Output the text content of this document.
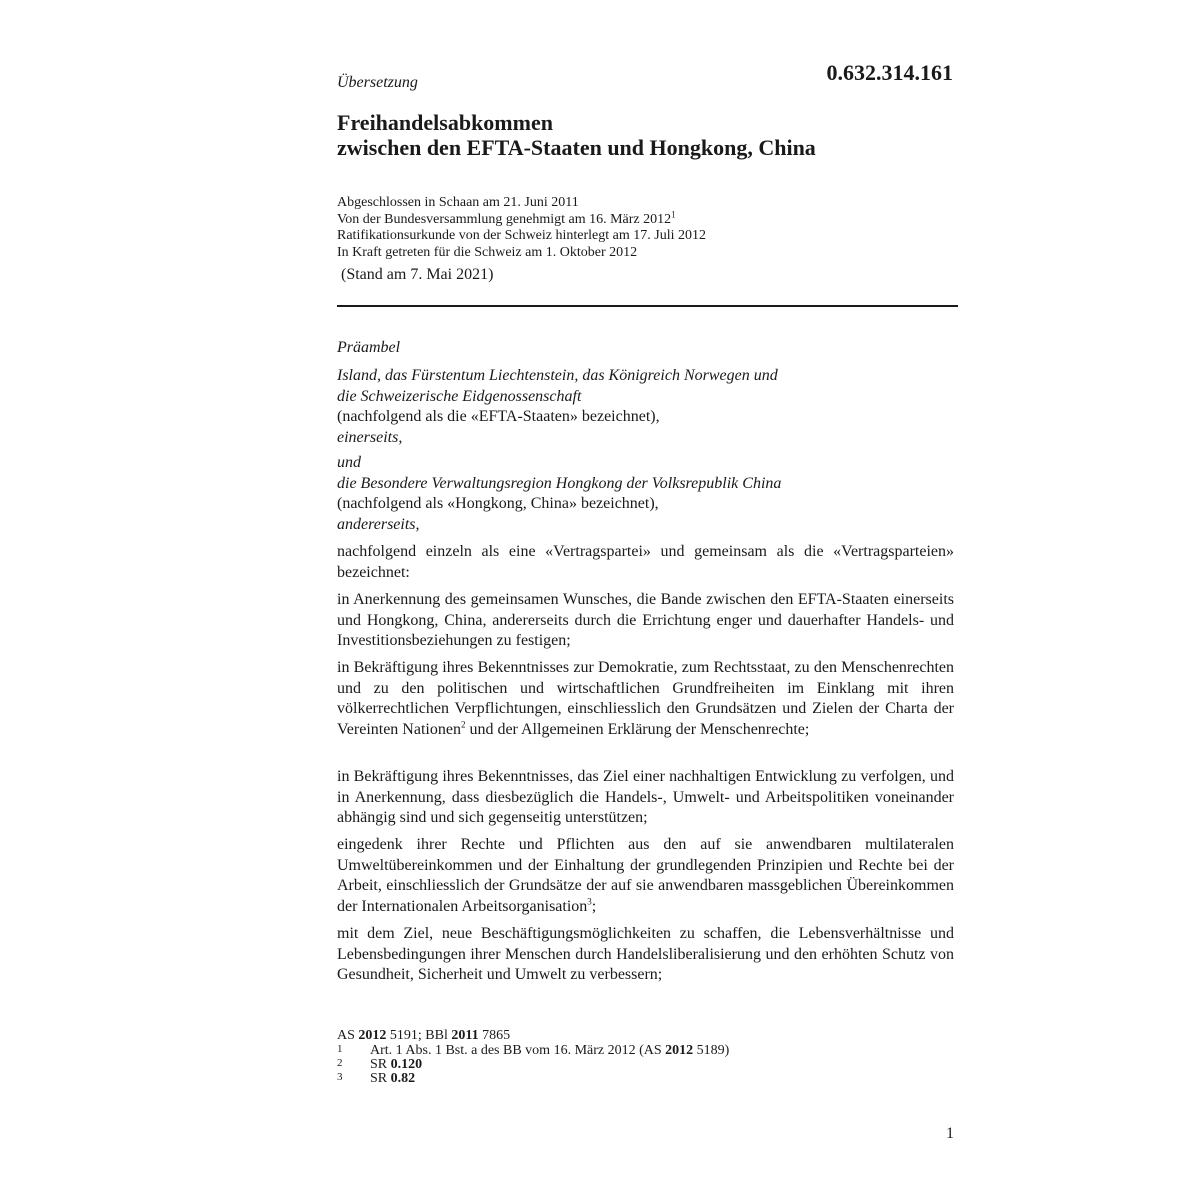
Übersetzung	0.632.314.161
Freihandelsabkommen
zwischen den EFTA-Staaten und Hongkong, China
Abgeschlossen in Schaan am 21. Juni 2011
Von der Bundesversammlung genehmigt am 16. März 2012$^1$
Ratifikationsurkunde von der Schweiz hinterlegt am 17. Juli 2012
In Kraft getreten für die Schweiz am 1. Oktober 2012
(Stand am 7. Mai 2021)
Präambel
Island, das Fürstentum Liechtenstein, das Königreich Norwegen und
die Schweizerische Eidgenossenschaft
(nachfolgend als die «EFTA-Staaten» bezeichnet),
einerseits,
und
die Besondere Verwaltungsregion Hongkong der Volksrepublik China
(nachfolgend als «Hongkong, China» bezeichnet),
andererseits,
nachfolgend einzeln als eine «Vertragspartei» und gemeinsam als die «Vertragsparteien» bezeichnet:
in Anerkennung des gemeinsamen Wunsches, die Bande zwischen den EFTA-Staaten einerseits und Hongkong, China, andererseits durch die Errichtung enger und dauerhafter Handels- und Investitionsbeziehungen zu festigen;
in Bekräftigung ihres Bekenntnisses zur Demokratie, zum Rechtsstaat, zu den Menschenrechten und zu den politischen und wirtschaftlichen Grundfreiheiten im Einklang mit ihren völkerrechtlichen Verpflichtungen, einschliesslich den Grundsätzen und Zielen der Charta der Vereinten Nationen$^2$ und der Allgemeinen Erklärung der Menschenrechte;
in Bekräftigung ihres Bekenntnisses, das Ziel einer nachhaltigen Entwicklung zu verfolgen, und in Anerkennung, dass diesbezüglich die Handels-, Umwelt- und Arbeitspolitiken voneinander abhängig sind und sich gegenseitig unterstützen;
eingedenk ihrer Rechte und Pflichten aus den auf sie anwendbaren multilateralen Umweltübereinkommen und der Einhaltung der grundlegenden Prinzipien und Rechte bei der Arbeit, einschliesslich der Grundsätze der auf sie anwendbaren massgeblichen Übereinkommen der Internationalen Arbeitsorganisation$^3$;
mit dem Ziel, neue Beschäftigungsmöglichkeiten zu schaffen, die Lebensverhältnisse und Lebensbedingungen ihrer Menschen durch Handelsliberalisierung und den erhöhten Schutz von Gesundheit, Sicherheit und Umwelt zu verbessern;
AS 2012 5191; BBl 2011 7865
1	Art. 1 Abs. 1 Bst. a des BB vom 16. März 2012 (AS 2012 5189)
2	SR 0.120
3	SR 0.82
1
